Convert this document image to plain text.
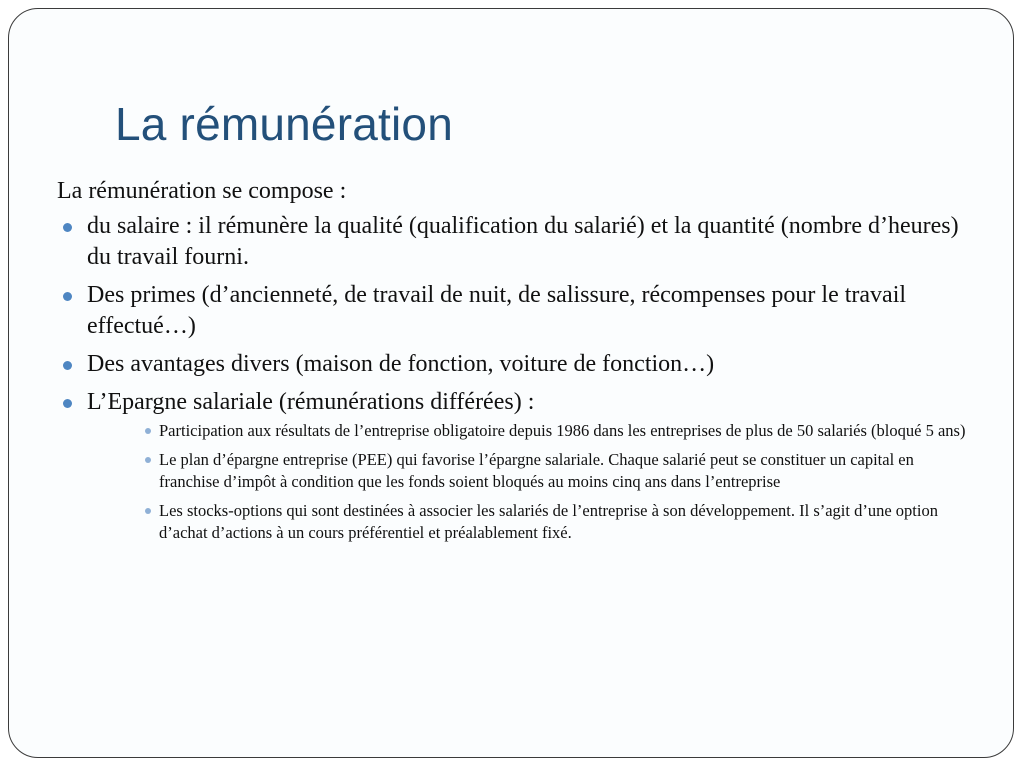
La rémunération

La rémunération se compose :

du salaire : il rémunère la qualité (qualification du salarié) et la quantité (nombre d’heures) du travail fourni.
Des primes (d’ancienneté, de travail de nuit, de salissure, récompenses pour le travail effectué…)
Des avantages divers (maison de fonction, voiture de fonction…)
L’Epargne salariale (rémunérations différées) :
Participation aux résultats de l’entreprise obligatoire depuis 1986 dans les entreprises de plus de 50 salariés (bloqué 5 ans)
Le plan d’épargne entreprise (PEE) qui favorise l’épargne salariale. Chaque salarié peut se constituer un capital en franchise d’impôt à condition que les fonds soient bloqués au moins cinq ans dans l’entreprise
Les stocks-options qui sont destinées à associer les salariés de l’entreprise à son développement. Il s’agit d’une option d’achat d’actions à un cours préférentiel et préalablement fixé.
